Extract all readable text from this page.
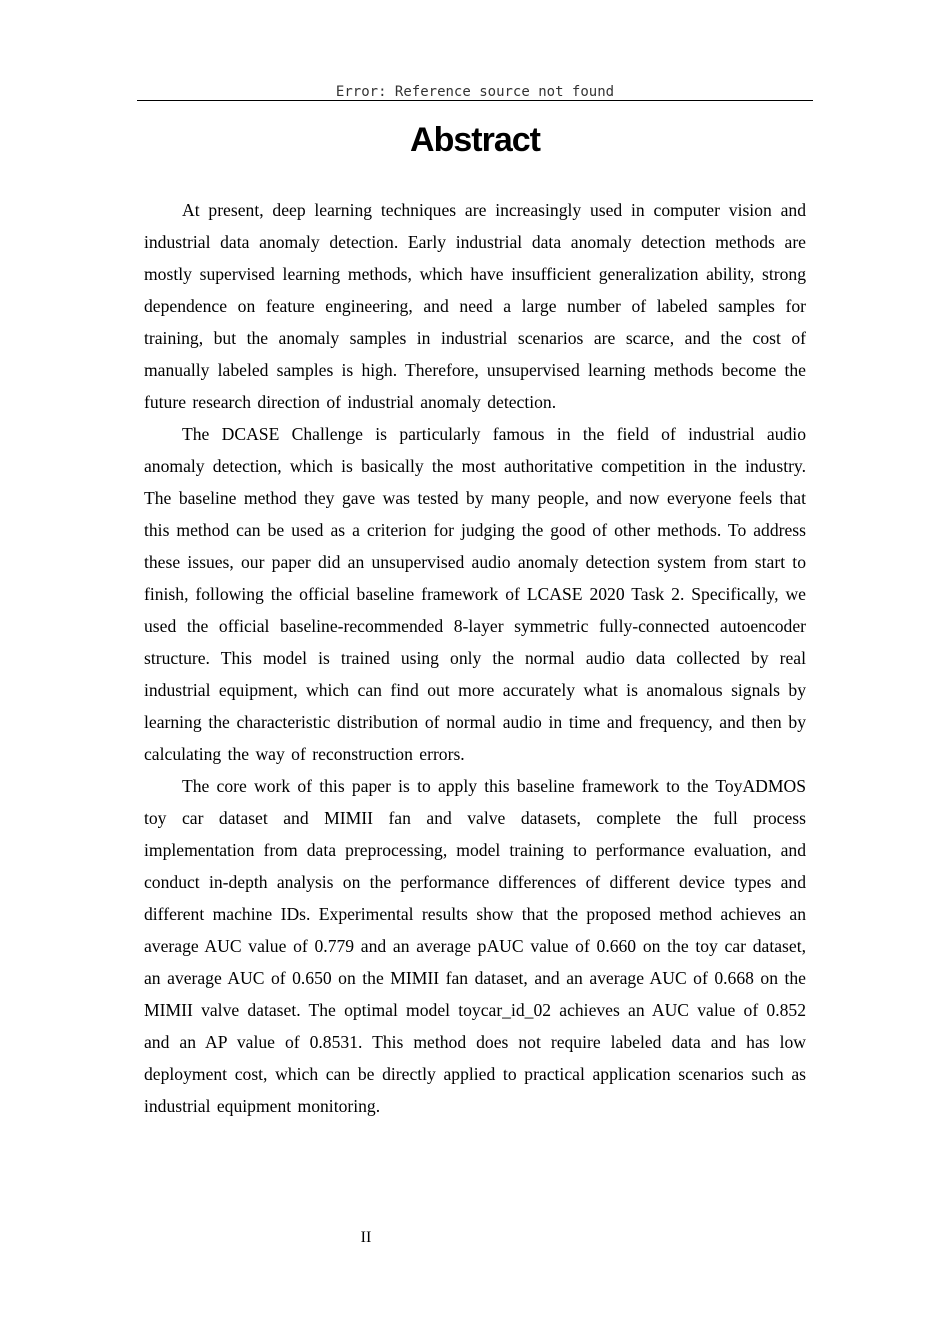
Error: Reference source not found
Abstract

At present, deep learning techniques are increasingly used in computer vision and industrial data anomaly detection. Early industrial data anomaly detection methods are mostly supervised learning methods, which have insufficient generalization ability, strong dependence on feature engineering, and need a large number of labeled samples for training, but the anomaly samples in industrial scenarios are scarce, and the cost of manually labeled samples is high. Therefore, unsupervised learning methods become the future research direction of industrial anomaly detection.

The DCASE Challenge is particularly famous in the field of industrial audio anomaly detection, which is basically the most authoritative competition in the industry. The baseline method they gave was tested by many people, and now everyone feels that this method can be used as a criterion for judging the good of other methods. To address these issues, our paper did an unsupervised audio anomaly detection system from start to finish, following the official baseline framework of LCASE 2020 Task 2. Specifically, we used the official baseline-recommended 8-layer symmetric fully-connected autoencoder structure. This model is trained using only the normal audio data collected by real industrial equipment, which can find out more accurately what is anomalous signals by learning the characteristic distribution of normal audio in time and frequency, and then by calculating the way of reconstruction errors.

The core work of this paper is to apply this baseline framework to the ToyADMOS toy car dataset and MIMII fan and valve datasets, complete the full process implementation from data preprocessing, model training to performance evaluation, and conduct in-depth analysis on the performance differences of different device types and different machine IDs. Experimental results show that the proposed method achieves an average AUC value of 0.779 and an average pAUC value of 0.660 on the toy car dataset, an average AUC of 0.650 on the MIMII fan dataset, and an average AUC of 0.668 on the MIMII valve dataset. The optimal model toycar_id_02 achieves an AUC value of 0.852 and an AP value of 0.8531. This method does not require labeled data and has low deployment cost, which can be directly applied to practical application scenarios such as industrial equipment monitoring.

II
